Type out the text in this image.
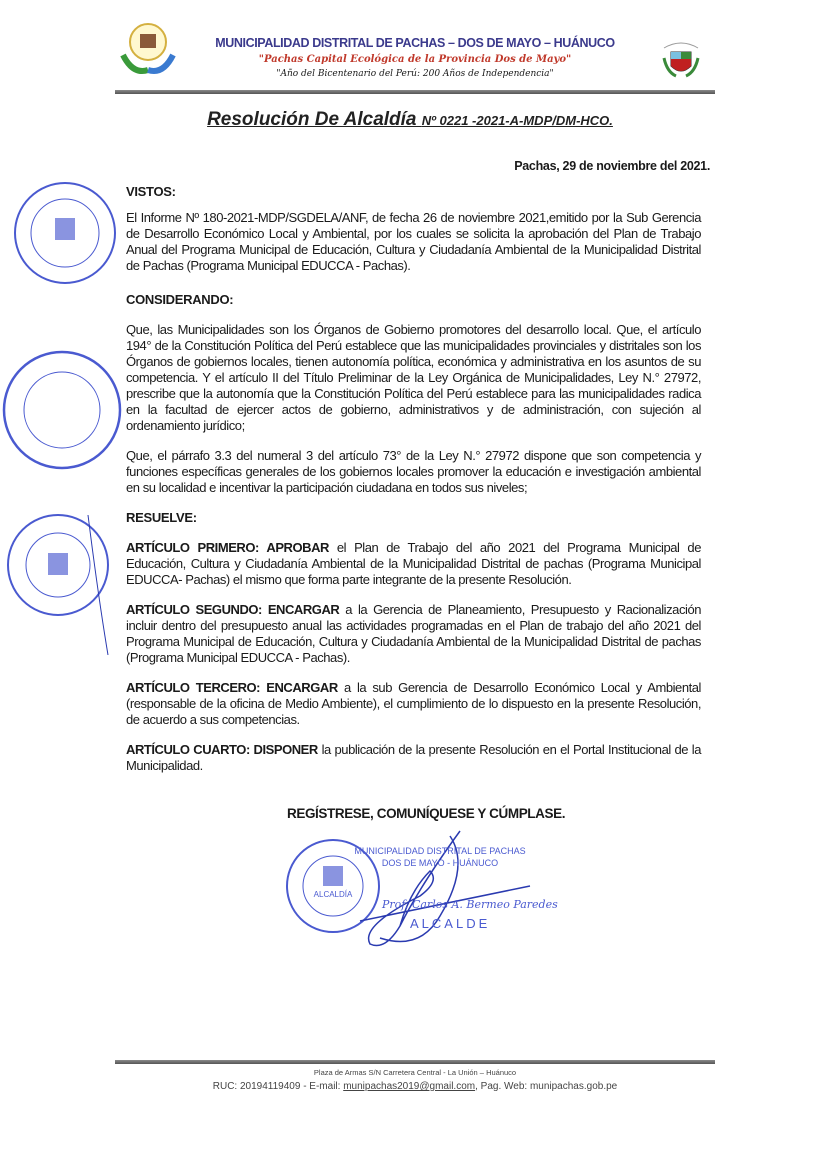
MUNICIPALIDAD DISTRITAL DE PACHAS – DOS DE MAYO – HUÁNUCO
"Pachas Capital Ecológica de la Provincia Dos de Mayo"
"Año del Bicentenario del Perú: 200 Años de Independencia"
Resolución De Alcaldía Nº 0221 -2021-A-MDP/DM-HCO.
Pachas, 29 de noviembre del 2021.
VISTOS:
El Informe Nº 180-2021-MDP/SGDELA/ANF, de fecha 26 de noviembre 2021,emitido por la Sub Gerencia de Desarrollo Económico Local y Ambiental, por los cuales se solicita la aprobación del Plan de Trabajo Anual del Programa Municipal de Educación, Cultura y Ciudadanía Ambiental de la Municipalidad Distrital de Pachas (Programa Municipal EDUCCA - Pachas).
CONSIDERANDO:
Que, las Municipalidades son los Órganos de Gobierno promotores del desarrollo local. Que, el artículo 194° de la Constitución Política del Perú establece que las municipalidades provinciales y distritales son los Órganos de gobiernos locales, tienen autonomía política, económica y administrativa en los asuntos de su competencia. Y el artículo II del Título Preliminar de la Ley Orgánica de Municipalidades, Ley N.° 27972, prescribe que la autonomía que la Constitución Política del Perú establece para las municipalidades radica en la facultad de ejercer actos de gobierno, administrativos y de administración, con sujeción al ordenamiento jurídico;
Que, el párrafo 3.3 del numeral 3 del artículo 73° de la Ley N.° 27972 dispone que son competencia y funciones específicas generales de los gobiernos locales promover la educación e investigación ambiental en su localidad e incentivar la participación ciudadana en todos sus niveles;
RESUELVE:
ARTÍCULO PRIMERO: APROBAR el Plan de Trabajo del año 2021 del Programa Municipal de Educación, Cultura y Ciudadanía Ambiental de la Municipalidad Distrital de pachas (Programa Municipal EDUCCA- Pachas) el mismo que forma parte integrante de la presente Resolución.
ARTÍCULO SEGUNDO: ENCARGAR a la Gerencia de Planeamiento, Presupuesto y Racionalización incluir dentro del presupuesto anual las actividades programadas en el Plan de trabajo del año 2021 del Programa Municipal de Educación, Cultura y Ciudadanía Ambiental de la Municipalidad Distrital de pachas (Programa Municipal EDUCCA - Pachas).
ARTÍCULO TERCERO: ENCARGAR a la sub Gerencia de Desarrollo Económico Local y Ambiental (responsable de la oficina de Medio Ambiente), el cumplimiento de lo dispuesto en la presente Resolución, de acuerdo a sus competencias.
ARTÍCULO CUARTO: DISPONER la publicación de la presente Resolución en el Portal Institucional de la Municipalidad.
REGÍSTRESE, COMUNÍQUESE Y CÚMPLASE.
ALCALDÍA
MUNICIPALIDAD DISTRITAL DE PACHAS
DOS DE MAYO - HUÁNUCO
Prof. Carlos A. Bermeo Paredes
ALCALDE
Plaza de Armas S/N Carretera Central - La Unión – Huánuco
RUC: 20194119409 - E-mail: munipachas2019@gmail.com, Pag. Web: munipachas.gob.pe
